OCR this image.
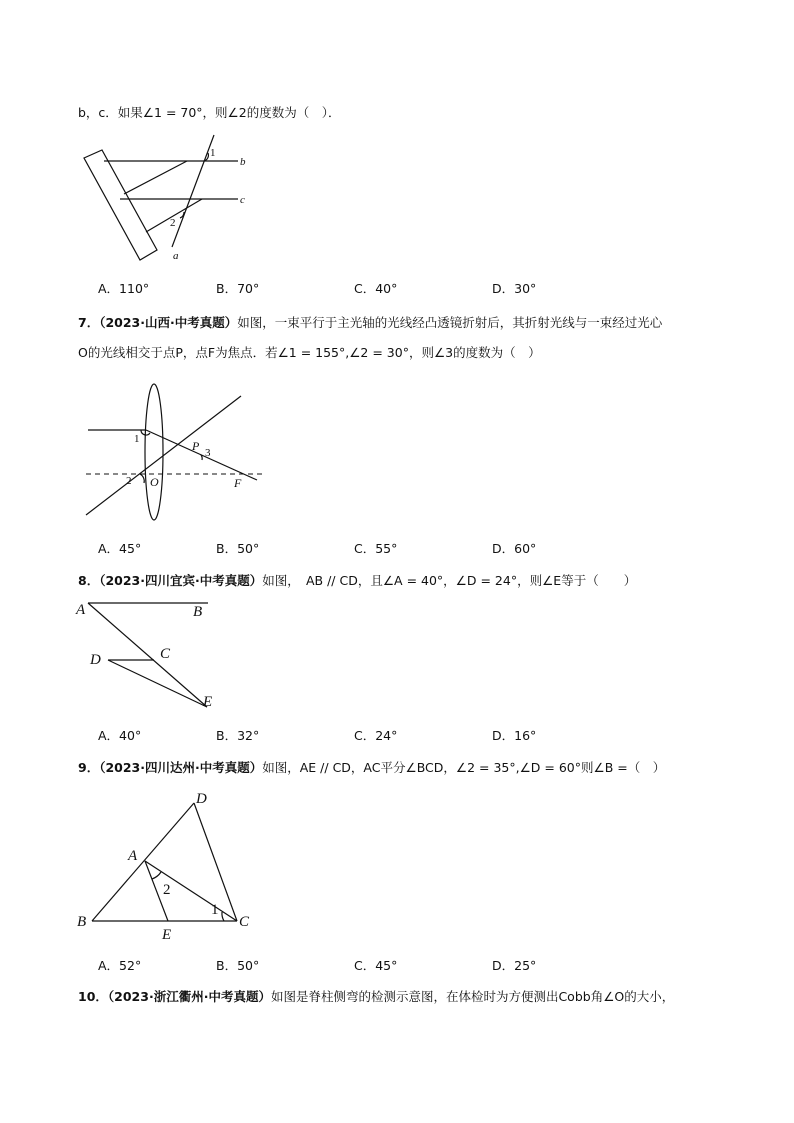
b，c．如果∠1 = 70°，则∠2的度数为（　）．
1
b
c
2
a
A．110°	B．70°	C．40°	D．30°
7．（2023·山西·中考真题）如图，一束平行于主光轴的光线经凸透镜折射后，其折射光线与一束经过光心
O的光线相交于点P，点F为焦点．若∠1 = 155°,∠2 = 30°，则∠3的度数为（　）
1	P 3
2 O	F
A．45°	B．50°	C．55°	D．60°
8．（2023·四川宜宾·中考真题）如图，　AB // CD，且∠A = 40°，∠D = 24°，则∠E等于（　　）
A	B
C
D
E
A．40°	B．32°	C．24°	D．16°
9．（2023·四川达州·中考真题）如图，AE // CD，AC平分∠BCD，∠2 = 35°,∠D = 60°则∠B =（　）
D
A
2
1
B	C
E
A．52°	B．50°	C．45°	D．25°
10．（2023·浙江衢州·中考真题）如图是脊柱侧弯的检测示意图，在体检时为方便测出Cobb角∠O的大小，
